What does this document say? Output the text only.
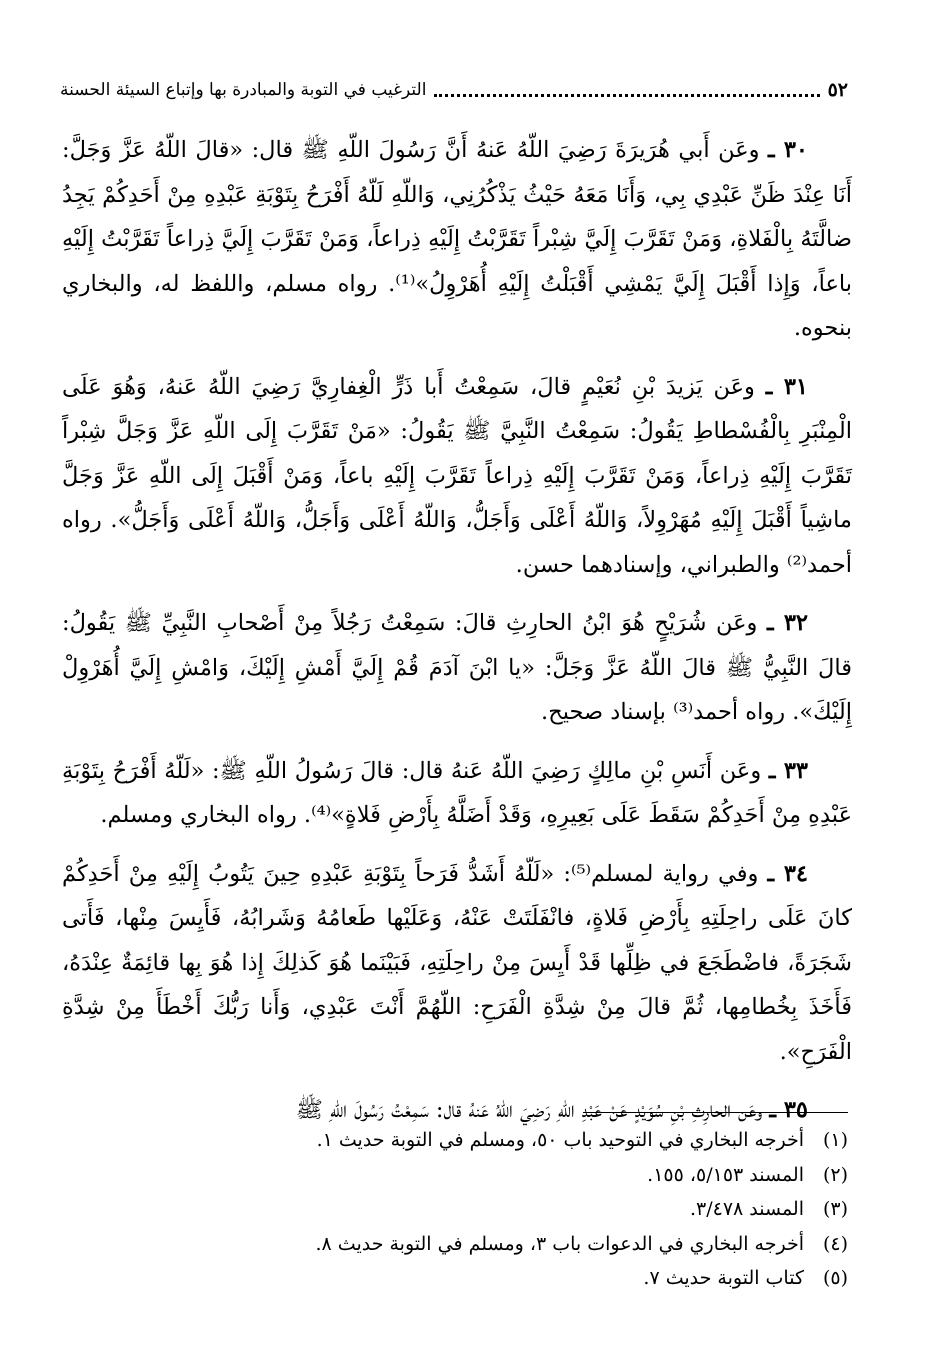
٥٢
الترغيب في التوبة والمبادرة بها وإتباع السيئة الحسنة

٣٠ ـ وعَن أَبي هُرَيرَةَ رَضِيَ اللّهُ عَنهُ أَنَّ رَسُولَ اللّهِ ﷺ قال: «قالَ اللّهُ عَزَّ وَجَلَّ: أَنَا عِنْدَ ظَنِّ عَبْدِي بِي، وَأَنَا مَعَهُ حَيْثُ يَذْكُرُنِي، وَاللّهِ لَلّهُ أَفْرَحُ بِتَوْبَةِ عَبْدِهِ مِنْ أَحَدِكُمْ يَجِدُ ضالَّتَهُ بِالْفَلاةِ، وَمَنْ تَقَرَّبَ إِلَيَّ شِبْراً تَقَرَّبْتُ إِلَيْهِ ذِراعاً، وَمَنْ تَقَرَّبَ إِلَيَّ ذِراعاً تَقَرَّبْتُ إِلَيْهِ باعاً، وَإِذا أَقْبَلَ إِلَيَّ يَمْشِي أَقْبَلْتُ إِلَيْهِ أُهَرْوِلُ»⁽¹⁾. رواه مسلم، واللفظ له، والبخاري بنحوه.

٣١ ـ وعَن يَزيدَ بْنِ نُعَيْمٍ قالَ، سَمِعْتُ أَبا ذَرٍّ الْغِفارِيَّ رَضِيَ اللّهُ عَنهُ، وَهُوَ عَلَى الْمِنْبَرِ بِالْفُسْطاطِ يَقُولُ: سَمِعْتُ النَّبِيَّ ﷺ يَقُولُ: «مَنْ تَقَرَّبَ إِلَى اللّهِ عَزَّ وَجَلَّ شِبْراً تَقَرَّبَ إِلَيْهِ ذِراعاً، وَمَنْ تَقَرَّبَ إِلَيْهِ ذِراعاً تَقَرَّبَ إِلَيْهِ باعاً، وَمَنْ أَقْبَلَ إِلَى اللّهِ عَزَّ وَجَلَّ ماشِياً أَقْبَلَ إِلَيْهِ مُهَرْوِلاً، وَاللّهُ أَعْلَى وَأَجَلُّ، وَاللّهُ أَعْلَى وَأَجَلُّ، وَاللّهُ أَعْلَى وَأَجَلُّ». رواه أحمد⁽²⁾ والطبراني، وإسنادهما حسن.

٣٢ ـ وعَن شُرَيْحٍ هُوَ ابْنُ الحارِثِ قالَ: سَمِعْتُ رَجُلاً مِنْ أَصْحابِ النَّبِيِّ ﷺ يَقُولُ: قالَ النَّبِيُّ ﷺ قالَ اللّهُ عَزَّ وَجَلَّ: «يا ابْنَ آدَمَ قُمْ إِلَيَّ أَمْشِ إِلَيْكَ، وَامْشِ إِلَيَّ أُهَرْوِلْ إِلَيْكَ». رواه أحمد⁽³⁾ بإسناد صحيح.

٣٣ ـ وعَن أَنَسِ بْنِ مالِكٍ رَضِيَ اللّهُ عَنهُ قال: قالَ رَسُولُ اللّهِ ﷺ: «لَلّهُ أَفْرَحُ بِتَوْبَةِ عَبْدِهِ مِنْ أَحَدِكُمْ سَقَطَ عَلَى بَعِيرِهِ، وَقَدْ أَضَلَّهُ بِأَرْضِ فَلاةٍ»⁽⁴⁾. رواه البخاري ومسلم.

٣٤ ـ وفي رواية لمسلم⁽⁵⁾: «لَلّهُ أَشَدُّ فَرَحاً بِتَوْبَةِ عَبْدِهِ حِينَ يَتُوبُ إِلَيْهِ مِنْ أَحَدِكُمْ كانَ عَلَى راحِلَتِهِ بِأَرْضِ فَلاةٍ، فانْفَلَتَتْ عَنْهُ، وَعَلَيْها طَعامُهُ وَشَرابُهُ، فَأَيِسَ مِنْها، فَأَتى شَجَرَةً، فاضْطَجَعَ في ظِلِّها قَدْ أَيِسَ مِنْ راحِلَتِهِ، فَبَيْنَما هُوَ كَذلِكَ إِذا هُوَ بِها قائِمَةٌ عِنْدَهُ، فَأَخَذَ بِخُطامِها، ثُمَّ قالَ مِنْ شِدَّةِ الْفَرَحِ: اللّهُمَّ أَنْتَ عَبْدِي، وَأَنا رَبُّكَ أَخْطَأَ مِنْ شِدَّةِ الْفَرَحِ».

٣٥ ـ وعَن الحارِثِ بْنِ سُوَيْدٍ عَنْ عَبْدِ اللّهِ رَضِيَ اللّهُ عَنهُ قال: سَمِعْتُ رَسُولَ اللّهِ ﷺ

(١)
أخرجه البخاري في التوحيد باب ٥٠، ومسلم في التوبة حديث ١.
(٢)
المسند ٥/١٥٣، ١٥٥.
(٣)
المسند ٣/٤٧٨.
(٤)
أخرجه البخاري في الدعوات باب ٣، ومسلم في التوبة حديث ٨.
(٥)
كتاب التوبة حديث ٧.
